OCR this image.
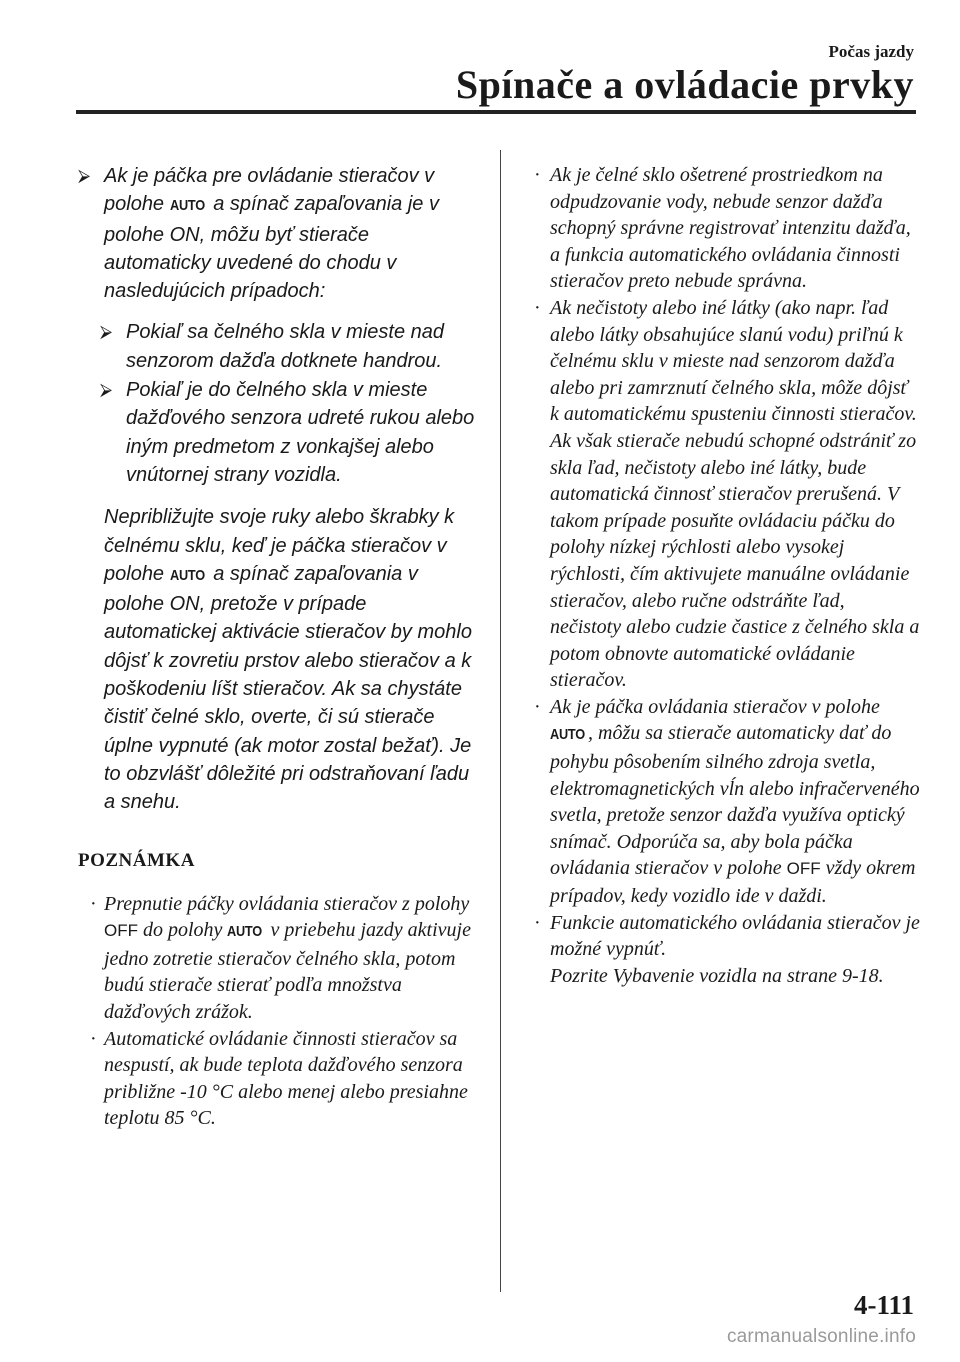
Počas jazdy
Spínače a ovládacie prvky
⮚ Ak je páčka pre ovládanie stieračov v polohe AUTO a spínač zapaľovania je v polohe ON, môžu byť stierače automaticky uvedené do chodu v nasledujúcich prípadoch:
⮚ Pokiaľ sa čelného skla v mieste nad senzorom dažďa dotknete handrou.
⮚ Pokiaľ je do čelného skla v mieste dažďového senzora udreté rukou alebo iným predmetom z vonkajšej alebo vnútornej strany vozidla.
Nepribližujte svoje ruky alebo škrabky k čelnému sklu, keď je páčka stieračov v polohe AUTO a spínač zapaľovania v polohe ON, pretože v prípade automatickej aktivácie stieračov by mohlo dôjsť k zovretiu prstov alebo stieračov a k poškodeniu líšt stieračov. Ak sa chystáte čistiť čelné sklo, overte, či sú stierače úplne vypnuté (ak motor zostal bežať). Je to obzvlášť dôležité pri odstraňovaní ľadu a snehu.
POZNÁMKA
· Prepnutie páčky ovládania stieračov z polohy OFF do polohy AUTO v priebehu jazdy aktivuje jedno zotretie stieračov čelného skla, potom budú stierače stierať podľa množstva dažďových zrážok.
· Automatické ovládanie činnosti stieračov sa nespustí, ak bude teplota dažďového senzora približne -10 °C alebo menej alebo presiahne teplotu 85 °C.
· Ak je čelné sklo ošetrené prostriedkom na odpudzovanie vody, nebude senzor dažďa schopný správne registrovať intenzitu dažďa, a funkcia automatického ovládania činnosti stieračov preto nebude správna.
· Ak nečistoty alebo iné látky (ako napr. ľad alebo látky obsahujúce slanú vodu) priľnú k čelnému sklu v mieste nad senzorom dažďa alebo pri zamrznutí čelného skla, môže dôjsť k automatickému spusteniu činnosti stieračov. Ak však stierače nebudú schopné odstrániť zo skla ľad, nečistoty alebo iné látky, bude automatická činnosť stieračov prerušená. V takom prípade posuňte ovládaciu páčku do polohy nízkej rýchlosti alebo vysokej rýchlosti, čím aktivujete manuálne ovládanie stieračov, alebo ručne odstráňte ľad, nečistoty alebo cudzie častice z čelného skla a potom obnovte automatické ovládanie stieračov.
· Ak je páčka ovládania stieračov v polohe AUTO , môžu sa stierače automaticky dať do pohybu pôsobením silného zdroja svetla, elektromagnetických vĺn alebo infračerveného svetla, pretože senzor dažďa využíva optický snímač. Odporúča sa, aby bola páčka ovládania stieračov v polohe OFF vždy okrem prípadov, kedy vozidlo ide v daždi.
· Funkcie automatického ovládania stieračov je možné vypnúť.
Pozrite Vybavenie vozidla na strane 9-18.
4-111
carmanualsonline.info
